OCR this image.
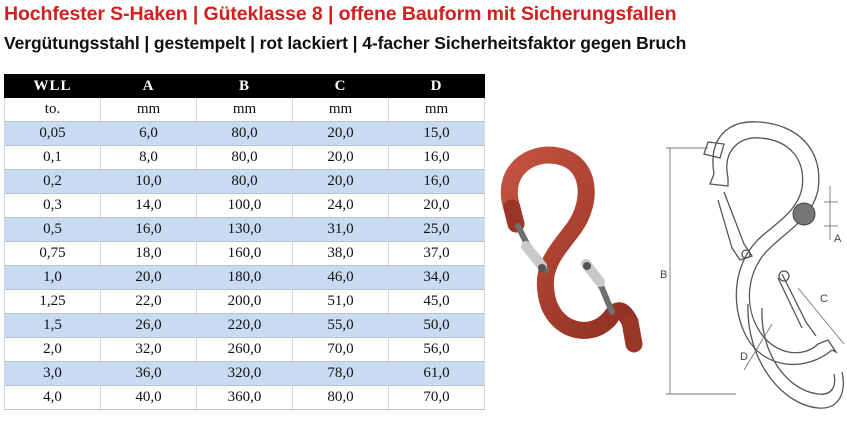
Hochfester S-Haken | Güteklasse 8 | offene Bauform mit Sicherungsfallen
Vergütungsstahl | gestempelt | rot lackiert | 4-facher Sicherheitsfaktor gegen Bruch
WLL	A	B	C	D
to.	mm	mm	mm	mm
0,05	6,0	80,0	20,0	15,0
0,1	8,0	80,0	20,0	16,0
0,2	10,0	80,0	20,0	16,0
0,3	14,0	100,0	24,0	20,0
0,5	16,0	130,0	31,0	25,0
0,75	18,0	160,0	38,0	37,0
1,0	20,0	180,0	46,0	34,0
1,25	22,0	200,0	51,0	45,0
1,5	26,0	220,0	55,0	50,0
2,0	32,0	260,0	70,0	56,0
3,0	36,0	320,0	78,0	61,0
4,0	40,0	360,0	80,0	70,0
B
A
C
D
